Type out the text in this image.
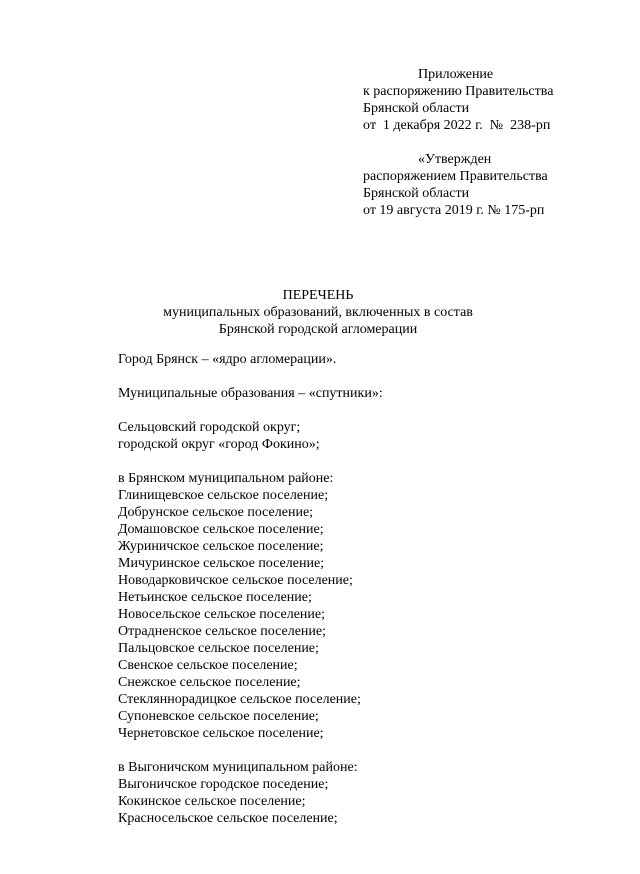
Приложение
к распоряжению Правительства
Брянской области
от  1 декабря 2022 г.  №  238-рп
«Утвержден
распоряжением Правительства
Брянской области
от 19 августа 2019 г. № 175-рп
ПЕРЕЧЕНЬ
муниципальных образований, включенных в состав
Брянской городской агломерации
Город Брянск – «ядро агломерации».
Муниципальные образования – «спутники»:
Сельцовский городской округ;
городской округ «город Фокино»;
в Брянском муниципальном районе:
Глинищевское сельское поселение;
Добрунское сельское поселение;
Домашовское сельское поселение;
Журиничское сельское поселение;
Мичуринское сельское поселение;
Новодарковичское сельское поселение;
Нетьинское сельское поселение;
Новосельское сельское поселение;
Отрадненское сельское поселение;
Пальцовское сельское поселение;
Свенское сельское поселение;
Снежское сельское поселение;
Стекляннорадицкое сельское поселение;
Супоневское сельское поселение;
Чернетовское сельское поселение;
в Выгоничском муниципальном районе:
Выгоничское городское поседение;
Кокинское сельское поселение;
Красносельское сельское поселение;
